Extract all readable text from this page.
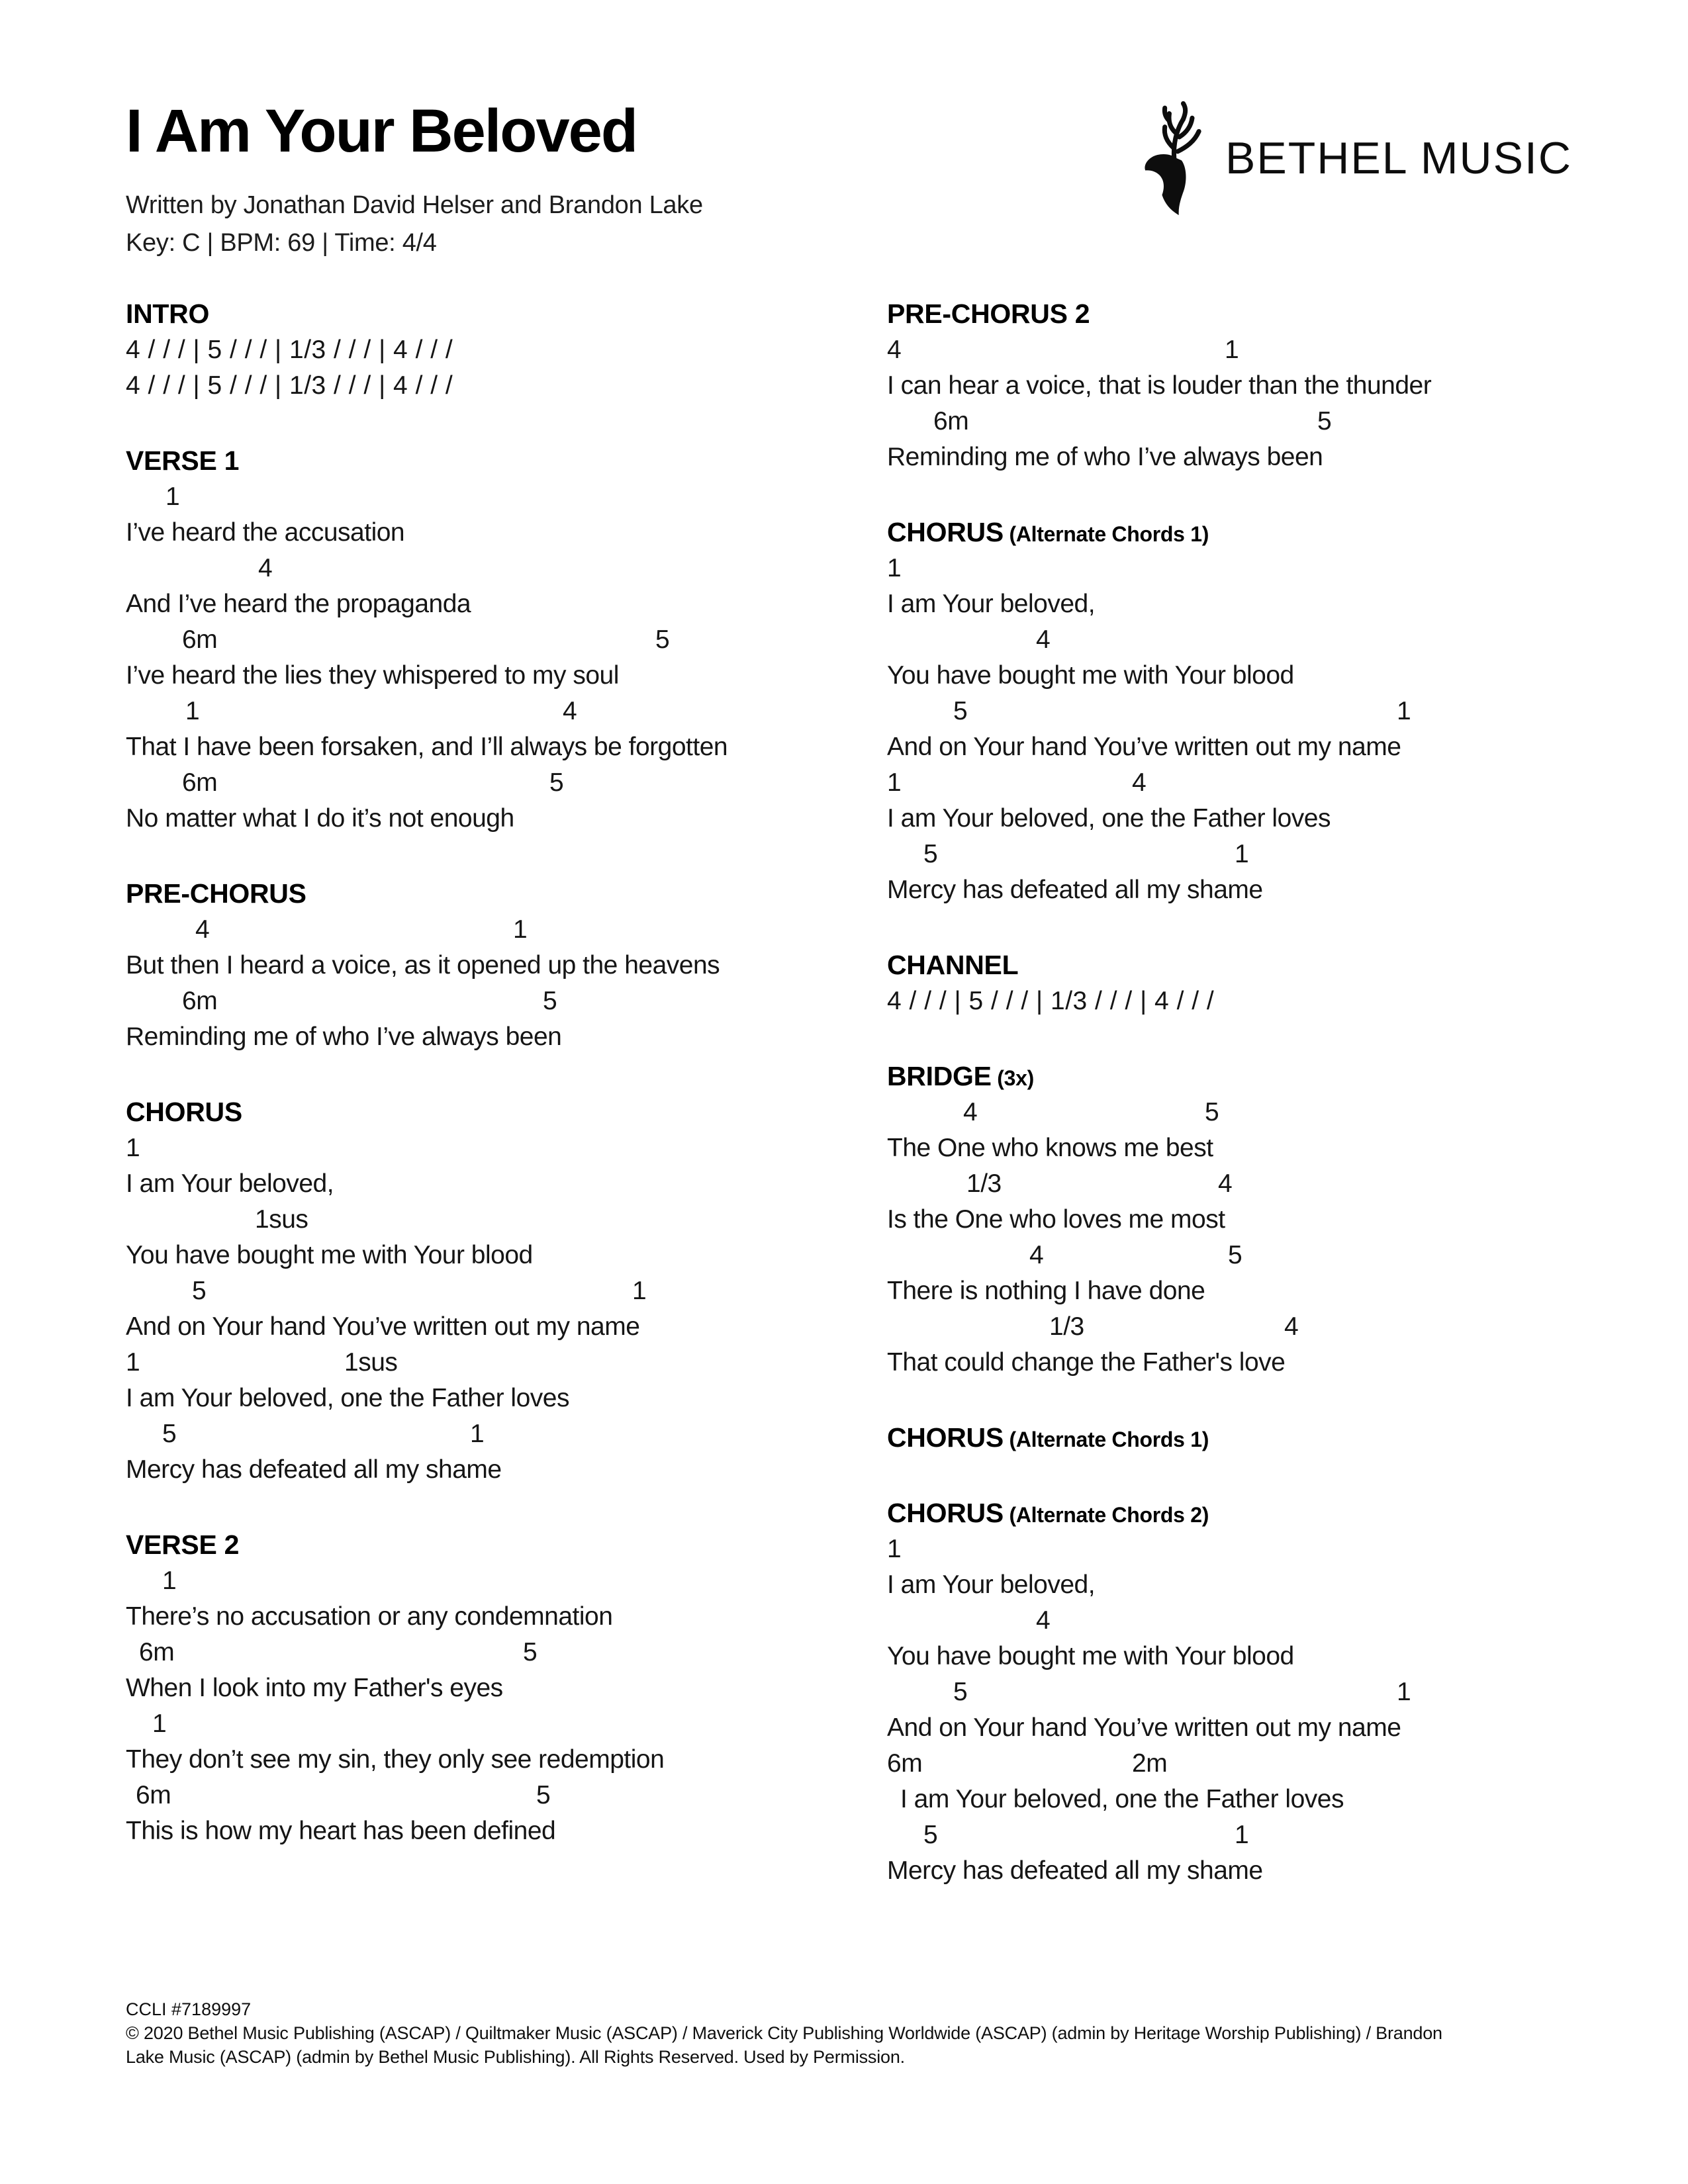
I Am Your Beloved
Written by Jonathan David Helser and Brandon Lake
Key: C | BPM: 69 | Time: 4/4
BETHEL MUSIC
INTRO
4 / / / | 5 / / / | 1/3 / / / | 4 / / /
4 / / / | 5 / / / | 1/3 / / / | 4 / / /
VERSE 1
1
I’ve heard the accusation
4
And I’ve heard the propaganda
6m	5
I’ve heard the lies they whispered to my soul
1	4
That I have been forsaken, and I’ll always be forgotten
6m	5
No matter what I do it’s not enough
PRE-CHORUS
4	1
But then I heard a voice, as it opened up the heavens
6m	5
Reminding me of who I’ve always been
CHORUS
1
I am Your beloved,
1sus
You have bought me with Your blood
5	1
And on Your hand You’ve written out my name
1	1sus
I am Your beloved, one the Father loves
5	1
Mercy has defeated all my shame
VERSE 2
1
There’s no accusation or any condemnation
6m	5
When I look into my Father's eyes
1
They don’t see my sin, they only see redemption
6m	5
This is how my heart has been defined
PRE-CHORUS 2
4	1
I can hear a voice, that is louder than the thunder
6m	5
Reminding me of who I’ve always been
CHORUS (Alternate Chords 1)
1
I am Your beloved,
4
You have bought me with Your blood
5	1
And on Your hand You’ve written out my name
1	4
I am Your beloved, one the Father loves
5	1
Mercy has defeated all my shame
CHANNEL
4 / / / | 5 / / / | 1/3 / / / | 4 / / /
BRIDGE (3x)
4	5
The One who knows me best
1/3	4
Is the One who loves me most
4	5
There is nothing I have done
1/3	4
That could change the Father's love
CHORUS (Alternate Chords 1)
CHORUS (Alternate Chords 2)
1
I am Your beloved,
4
You have bought me with Your blood
5	1
And on Your hand You’ve written out my name
6m	2m
I am Your beloved, one the Father loves
5	1
Mercy has defeated all my shame
CCLI #7189997
© 2020 Bethel Music Publishing (ASCAP) / Quiltmaker Music (ASCAP) / Maverick City Publishing Worldwide (ASCAP) (admin by Heritage Worship Publishing) / Brandon
Lake Music (ASCAP) (admin by Bethel Music Publishing). All Rights Reserved. Used by Permission.
